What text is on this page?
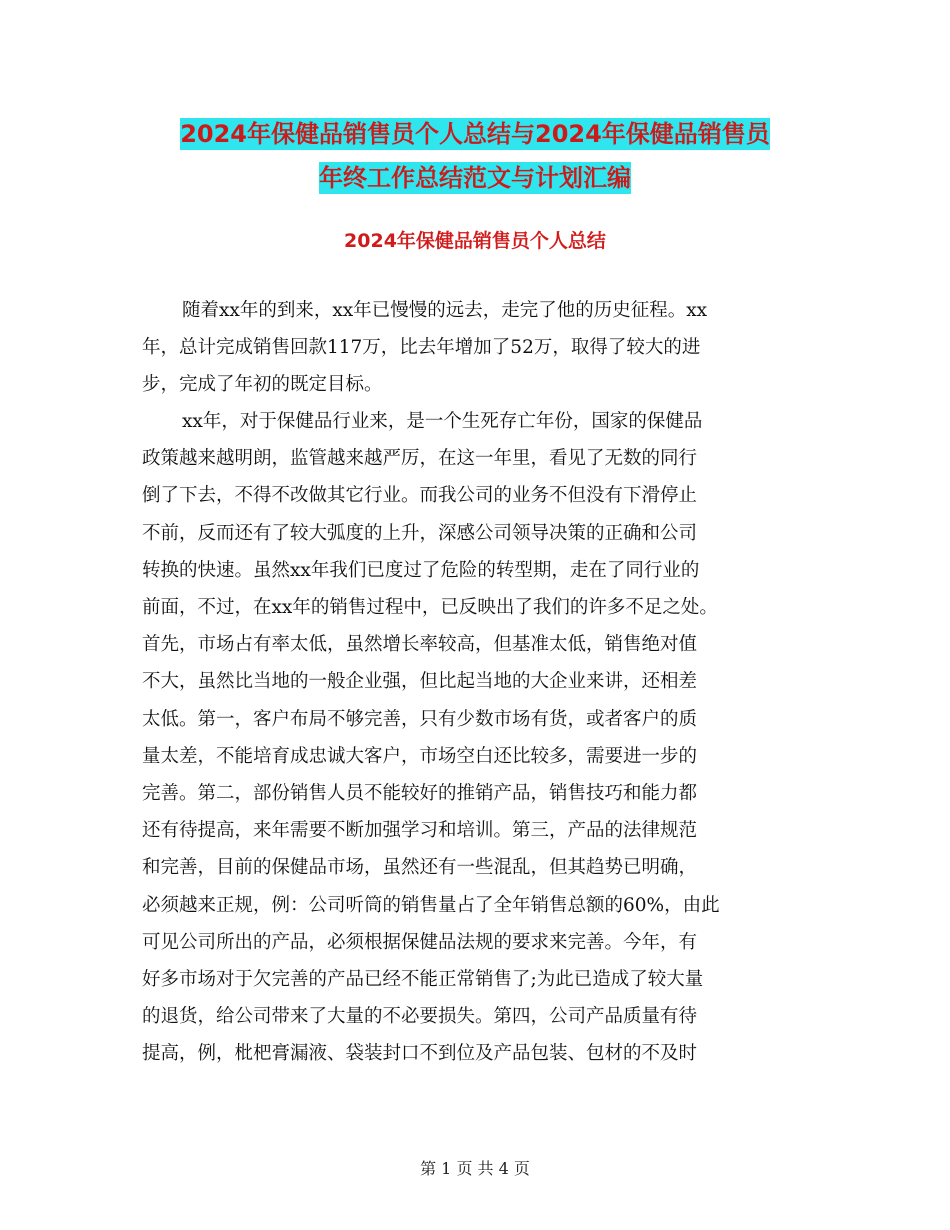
2024年保健品销售员个人总结与2024年保健品销售员
年终工作总结范文与计划汇编
2024年保健品销售员个人总结
随着xx年的到来，xx年已慢慢的远去，走完了他的历史征程。xx
年，总计完成销售回款117万，比去年增加了52万，取得了较大的进
步，完成了年初的既定目标。
xx年，对于保健品行业来，是一个生死存亡年份，国家的保健品
政策越来越明朗，监管越来越严厉，在这一年里，看见了无数的同行
倒了下去，不得不改做其它行业。而我公司的业务不但没有下滑停止
不前，反而还有了较大弧度的上升，深感公司领导决策的正确和公司
转换的快速。虽然xx年我们已度过了危险的转型期，走在了同行业的
前面，不过，在xx年的销售过程中，已反映出了我们的许多不足之处。
首先，市场占有率太低，虽然增长率较高，但基准太低，销售绝对值
不大，虽然比当地的一般企业强，但比起当地的大企业来讲，还相差
太低。第一，客户布局不够完善，只有少数市场有货，或者客户的质
量太差，不能培育成忠诚大客户，市场空白还比较多，需要进一步的
完善。第二，部份销售人员不能较好的推销产品，销售技巧和能力都
还有待提高，来年需要不断加强学习和培训。第三，产品的法律规范
和完善，目前的保健品市场，虽然还有一些混乱，但其趋势已明确，
必须越来正规，例：公司听筒的销售量占了全年销售总额的60%，由此
可见公司所出的产品，必须根据保健品法规的要求来完善。今年，有
好多市场对于欠完善的产品已经不能正常销售了;为此已造成了较大量
的退货，给公司带来了大量的不必要损失。第四，公司产品质量有待
提高，例，枇杷膏漏液、袋装封口不到位及产品包装、包材的不及时
第 1 页 共 4 页
